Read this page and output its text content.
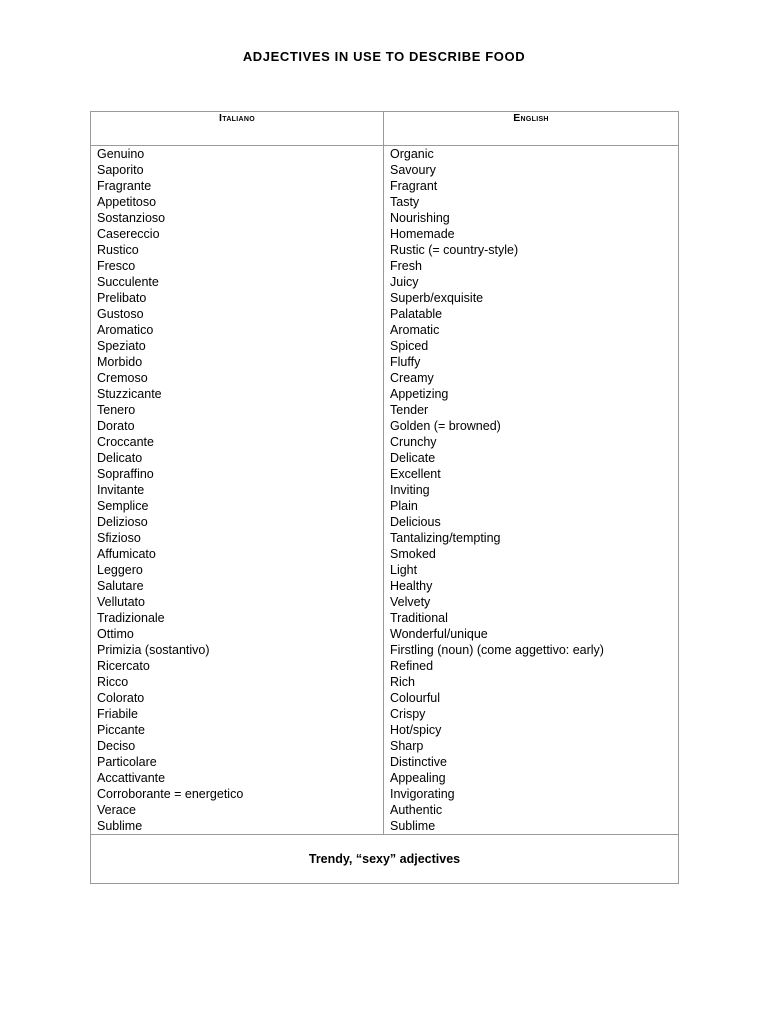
ADJECTIVES IN USE TO DESCRIBE FOOD
Italiano	English
Genuino	Organic
Saporito	Savoury
Fragrante	Fragrant
Appetitoso	Tasty
Sostanzioso	Nourishing
Casereccio	Homemade
Rustico	Rustic (= country-style)
Fresco	Fresh
Succulente	Juicy
Prelibato	Superb/exquisite
Gustoso	Palatable
Aromatico	Aromatic
Speziato	Spiced
Morbido	Fluffy
Cremoso	Creamy
Stuzzicante	Appetizing
Tenero	Tender
Dorato	Golden (= browned)
Croccante	Crunchy
Delicato	Delicate
Sopraffino	Excellent
Invitante	Inviting
Semplice	Plain
Delizioso	Delicious
Sfizioso	Tantalizing/tempting
Affumicato	Smoked
Leggero	Light
Salutare	Healthy
Vellutato	Velvety
Tradizionale	Traditional
Ottimo	Wonderful/unique
Primizia (sostantivo)	Firstling (noun) (come aggettivo: early)
Ricercato	Refined
Ricco	Rich
Colorato	Colourful
Friabile	Crispy
Piccante	Hot/spicy
Deciso	Sharp
Particolare	Distinctive
Accattivante	Appealing
Corroborante = energetico	Invigorating
Verace	Authentic
Sublime	Sublime
Trendy, “sexy” adjectives	
